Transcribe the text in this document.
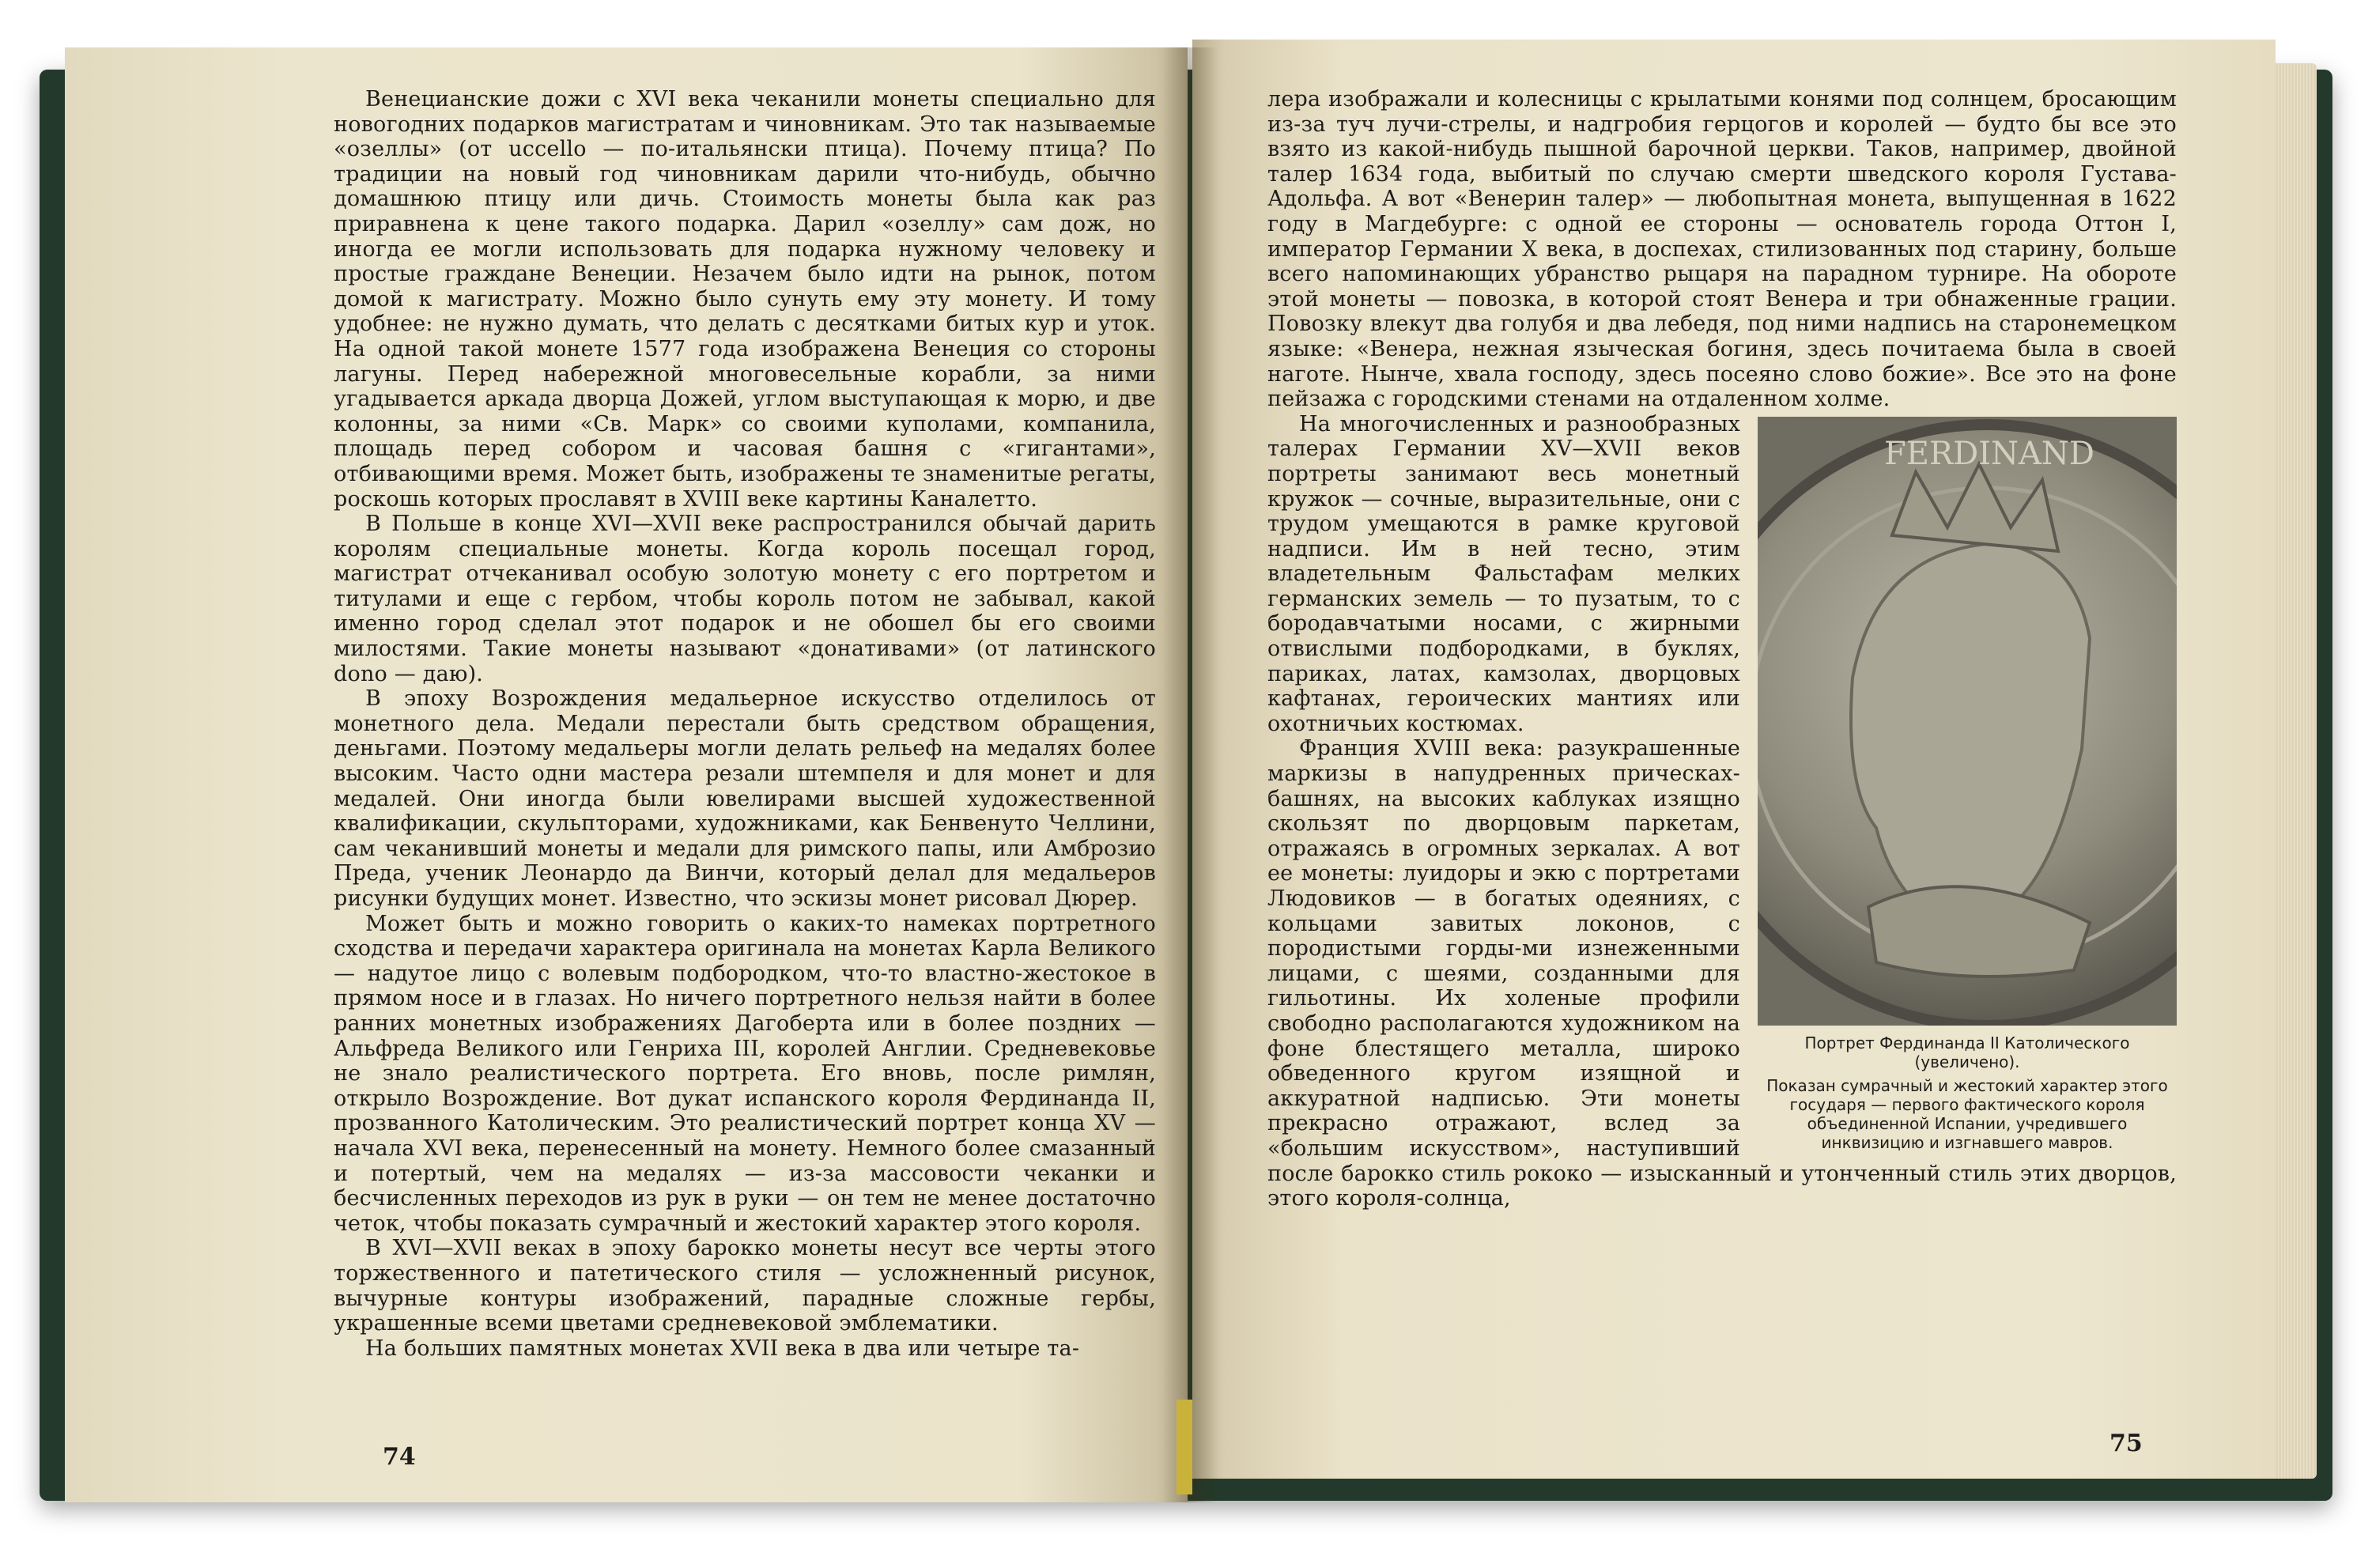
Венецианские дожи с XVI века чеканили монеты специально для новогодних подарков магистратам и чиновникам. Это так называемые «озеллы» (от uccello — по-итальянски птица). Почему птица? По традиции на новый год чиновникам дарили что-нибудь, обычно домашнюю птицу или дичь. Стоимость монеты была как раз приравнена к цене такого подарка. Дарил «озеллу» сам дож, но иногда ее могли использовать для подарка нужному человеку и простые граждане Венеции. Незачем было идти на рынок, потом домой к магистрату. Можно было сунуть ему эту монету. И тому удобнее: не нужно думать, что делать с десятками битых кур и уток. На одной такой монете 1577 года изображена Венеция со стороны лагуны. Перед набережной многовесельные корабли, за ними угадывается аркада дворца Дожей, углом выступающая к морю, и две колонны, за ними «Св. Марк» со своими куполами, компанила, площадь перед собором и часовая башня с «гигантами», отбивающими время. Может быть, изображены те знаменитые регаты, роскошь которых прославят в XVIII веке картины Каналетто.

В Польше в конце XVI—XVII веке распространился обычай дарить королям специальные монеты. Когда король посещал город, магистрат отчеканивал особую золотую монету с его портретом и титулами и еще с гербом, чтобы король потом не забывал, какой именно город сделал этот подарок и не обошел бы его своими милостями. Такие монеты называют «донативами» (от латинского dono — даю).

В эпоху Возрождения медальерное искусство отделилось от монетного дела. Медали перестали быть средством обращения, деньгами. Поэтому медальеры могли делать рельеф на медалях более высоким. Часто одни мастера резали штемпеля и для монет и для медалей. Они иногда были ювелирами высшей художественной квалификации, скульпторами, художниками, как Бенвенуто Челлини, сам чеканивший монеты и медали для римского папы, или Амброзио Преда, ученик Леонардо да Винчи, который делал для медальеров рисунки будущих монет. Известно, что эскизы монет рисовал Дюрер.

Может быть и можно говорить о каких-то намеках портретного сходства и передачи характера оригинала на монетах Карла Великого — надутое лицо с волевым подбородком, что-то властно-жестокое в прямом носе и в глазах. Но ничего портретного нельзя найти в более ранних монетных изображениях Дагоберта или в более поздних — Альфреда Великого или Генриха III, королей Англии. Средневековье не знало реалистического портрета. Его вновь, после римлян, открыло Возрождение. Вот дукат испанского короля Фердинанда II, прозванного Католическим. Это реалистический портрет конца XV — начала XVI века, перенесенный на монету. Немного более смазанный и потертый, чем на медалях — из-за массовости чеканки и бесчисленных переходов из рук в руки — он тем не менее достаточно четок, чтобы показать сумрачный и жестокий характер этого короля.

В XVI—XVII веках в эпоху барокко монеты несут все черты этого торжественного и патетического стиля — усложненный рисунок, вычурные контуры изображений, парадные сложные гербы, украшенные всеми цветами средневековой эмблематики.

На больших памятных монетах XVII века в два или четыре та-

74

лера изображали и колесницы с крылатыми конями под солнцем, бросающим из-за туч лучи-стрелы, и надгробия герцогов и королей — будто бы все это взято из какой-нибудь пышной барочной церкви. Таков, например, двойной талер 1634 года, выбитый по случаю смерти шведского короля Густава-Адольфа. А вот «Венерин талер» — любопытная монета, выпущенная в 1622 году в Магдебурге: с одной ее стороны — основатель города Оттон I, император Германии X века, в доспехах, стилизованных под старину, больше всего напоминающих убранство рыцаря на парадном турнире. На обороте этой монеты — повозка, в которой стоят Венера и три обнаженные грации. Повозку влекут два голубя и два лебедя, под ними надпись на старонемецком языке: «Венера, нежная языческая богиня, здесь почитаема была в своей наготе. Нынче, хвала господу, здесь посеяно слово божие». Все это на фоне пейзажа с городскими стенами на отдаленном холме.

FERDINAND
Портрет Фердинанда II Католического (увеличено).
Показан сумрачный и жестокий характер этого государя — первого фактического короля объединенной Испании, учредившего инквизицию и изгнавшего мавров.

На многочисленных и разнообразных талерах Германии XV—XVII веков портреты занимают весь монетный кружок — сочные, выразительные, они с трудом умещаются в рамке круговой надписи. Им в ней тесно, этим владетельным Фальстафам мелких германских земель — то пузатым, то с бородавчатыми носами, с жирными отвислыми подбородками, в буклях, париках, латах, камзолах, дворцовых кафтанах, героических мантиях или охотничьих костюмах.

Франция XVIII века: разукрашенные маркизы в напудренных прическах-башнях, на высоких каблуках изящно скользят по дворцовым паркетам, отражаясь в огромных зеркалах. А вот ее монеты: луидоры и экю с портретами Людовиков — в богатых одеяниях, с кольцами завитых локонов, с породистыми горды-ми изнеженными лицами, с шеями, созданными для гильотины. Их холеные профили свободно располагаются художником на фоне блестящего металла, широко обведенного кругом изящной и аккуратной надписью. Эти монеты прекрасно отражают, вслед за «большим искусством», наступивший после барокко стиль рококо — изысканный и утонченный стиль этих дворцов, этого короля-солнца,

75
